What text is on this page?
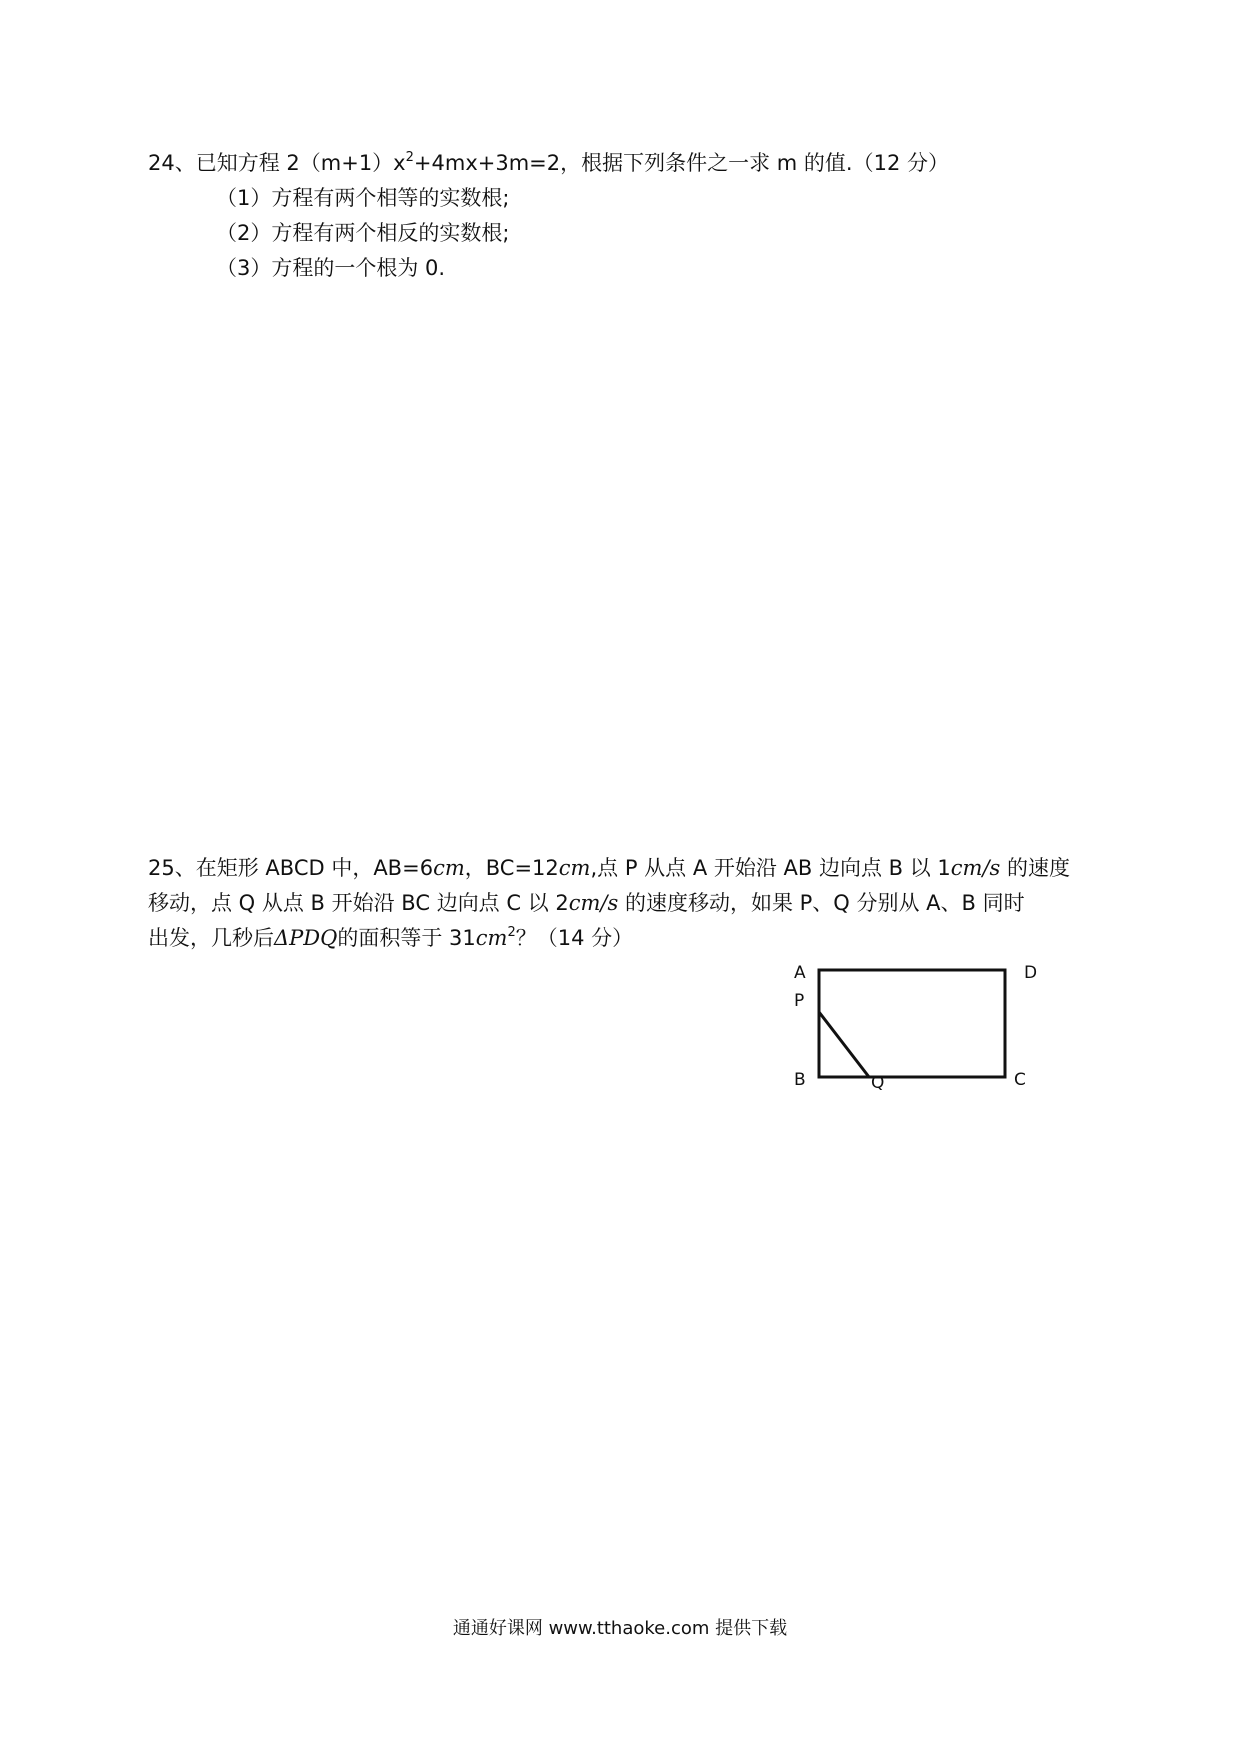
24、已知方程 $2(m+1)x^2+4mx+3m=2$，根据下列条件之一求 m 的值.（12 分）
（1）方程有两个相等的实数根;
（2）方程有两个相反的实数根;
（3）方程的一个根为 0.
25、在矩形 ABCD 中，AB=6cm，BC=12cm,点 P 从点 A 开始沿 AB 边向点 B 以 1cm/s 的速度
移动，点 Q 从点 B 开始沿 BC 边向点 C 以 2cm/s 的速度移动，如果 P、Q 分别从 A、B 同时
出发，几秒后ΔPDQ的面积等于 $31cm^2$？（14 分）
A	D
P
B	Q	C
通通好课网 www.tthaoke.com 提供下载
